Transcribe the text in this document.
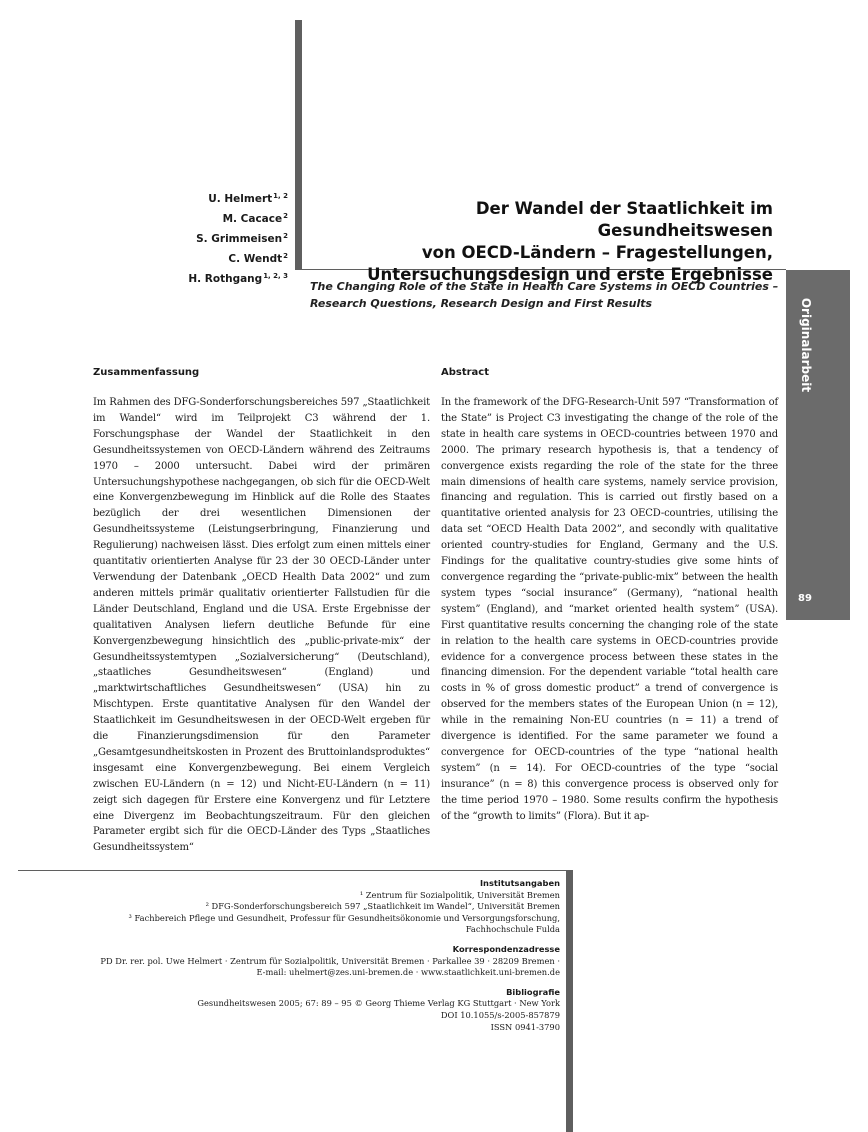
Originalarbeit
89
U. Helmert$^{1, 2}$
M. Cacace$^2$
S. Grimmeisen$^2$
C. Wendt$^2$
H. Rothgang$^{1, 2, 3}$
Der Wandel der Staatlichkeit im Gesundheitswesen
von OECD-Ländern – Fragestellungen,
Untersuchungsdesign und erste Ergebnisse
The Changing Role of the State in Health Care Systems in OECD Countries –
Research Questions, Research Design and First Results
Zusammenfassung

Im Rahmen des DFG-Sonderforschungsbereiches 597 „Staatlichkeit im Wandel“ wird im Teilprojekt C3 während der 1. Forschungsphase der Wandel der Staatlichkeit in den Gesundheitssystemen von OECD-Ländern während des Zeitraums 1970 – 2000 untersucht. Dabei wird der primären Untersuchungshypothese nachgegangen, ob sich für die OECD-Welt eine Konvergenzbewegung im Hinblick auf die Rolle des Staates bezüglich der drei wesentlichen Dimensionen der Gesundheitssysteme (Leistungserbringung, Finanzierung und Regulierung) nachweisen lässt. Dies erfolgt zum einen mittels einer quantitativ orientierten Analyse für 23 der 30 OECD-Länder unter Verwendung der Datenbank „OECD Health Data 2002“ und zum anderen mittels primär qualitativ orientierter Fallstudien für die Länder Deutschland, England und die USA. Erste Ergebnisse der qualitativen Analysen liefern deutliche Befunde für eine Konvergenzbewegung hinsichtlich des „public-private-mix“ der Gesundheitssystemtypen „Sozialversicherung“ (Deutschland), „staatliches Gesundheitswesen“ (England) und „marktwirtschaftliches Gesundheitswesen“ (USA) hin zu Mischtypen. Erste quantitative Analysen für den Wandel der Staatlichkeit im Gesundheitswesen in der OECD-Welt ergeben für die Finanzierungsdimension für den Parameter „Gesamtgesundheitskosten in Prozent des Bruttoinlandsproduktes“ insgesamt eine Konvergenzbewegung. Bei einem Vergleich zwischen EU-Ländern (n = 12) und Nicht-EU-Ländern (n = 11) zeigt sich dagegen für Erstere eine Konvergenz und für Letztere eine Divergenz im Beobachtungszeitraum. Für den gleichen Parameter ergibt sich für die OECD-Länder des Typs „Staatliches Gesundheitssystem“

Abstract

In the framework of the DFG-Research-Unit 597 “Transformation of the State” is Project C3 investigating the change of the role of the state in health care systems in OECD-countries between 1970 and 2000. The primary research hypothesis is, that a tendency of convergence exists regarding the role of the state for the three main dimensions of health care systems, namely service provision, financing and regulation. This is carried out firstly based on a quantitative oriented analysis for 23 OECD-countries, utilising the data set “OECD Health Data 2002”, and secondly with qualitative oriented country-studies for England, Germany and the U.S. Findings for the qualitative country-studies give some hints of convergence regarding the “private-public-mix” between the health system types “social insurance” (Germany), “national health system” (England), and “market oriented health system” (USA). First quantitative results concerning the changing role of the state in relation to the health care systems in OECD-countries provide evidence for a convergence process between these states in the financing dimension. For the dependent variable “total health care costs in % of gross domestic product” a trend of convergence is observed for the members states of the European Union (n = 12), while in the remaining Non-EU countries (n = 11) a trend of divergence is identified. For the same parameter we found a convergence for OECD-countries of the type “national health system” (n = 14). For OECD-countries of the type “social insurance” (n = 8) this convergence process is observed only for the time period 1970 – 1980. Some results confirm the hypothesis of the “growth to limits” (Flora). But it ap-

Institutsangaben
¹ Zentrum für Sozialpolitik, Universität Bremen
² DFG-Sonderforschungsbereich 597 „Staatlichkeit im Wandel“, Universität Bremen
³ Fachbereich Pflege und Gesundheit, Professur für Gesundheitsökonomie und Versorgungsforschung,
Fachhochschule Fulda
Korrespondenzadresse
PD Dr. rer. pol. Uwe Helmert · Zentrum für Sozialpolitik, Universität Bremen · Parkallee 39 · 28209 Bremen ·
E-mail: uhelmert@zes.uni-bremen.de · www.staatlichkeit.uni-bremen.de
Bibliografie
Gesundheitswesen 2005; 67: 89 – 95 © Georg Thieme Verlag KG Stuttgart · New York
DOI 10.1055/s-2005-857879
ISSN 0941-3790
